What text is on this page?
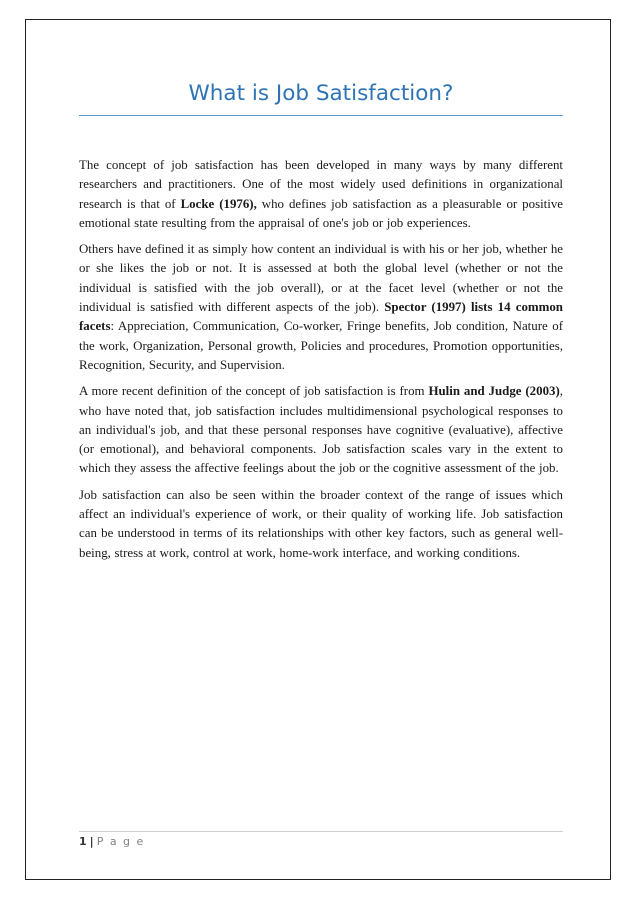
What is Job Satisfaction?

The concept of job satisfaction has been developed in many ways by many different researchers and practitioners. One of the most widely used definitions in organizational research is that of Locke (1976), who defines job satisfaction as a pleasurable or positive emotional state resulting from the appraisal of one's job or job experiences.

Others have defined it as simply how content an individual is with his or her job, whether he or she likes the job or not. It is assessed at both the global level (whether or not the individual is satisfied with the job overall), or at the facet level (whether or not the individual is satisfied with different aspects of the job). Spector (1997) lists 14 common facets: Appreciation, Communication, Co-worker, Fringe benefits, Job condition, Nature of the work, Organization, Personal growth, Policies and procedures, Promotion opportunities, Recognition, Security, and Supervision.

A more recent definition of the concept of job satisfaction is from Hulin and Judge (2003), who have noted that, job satisfaction includes multidimensional psychological responses to an individual's job, and that these personal responses have cognitive (evaluative), affective (or emotional), and behavioral components. Job satisfaction scales vary in the extent to which they assess the affective feelings about the job or the cognitive assessment of the job.

Job satisfaction can also be seen within the broader context of the range of issues which affect an individual's experience of work, or their quality of working life. Job satisfaction can be understood in terms of its relationships with other key factors, such as general well-being, stress at work, control at work, home-work interface, and working conditions.

1 | P a g e
